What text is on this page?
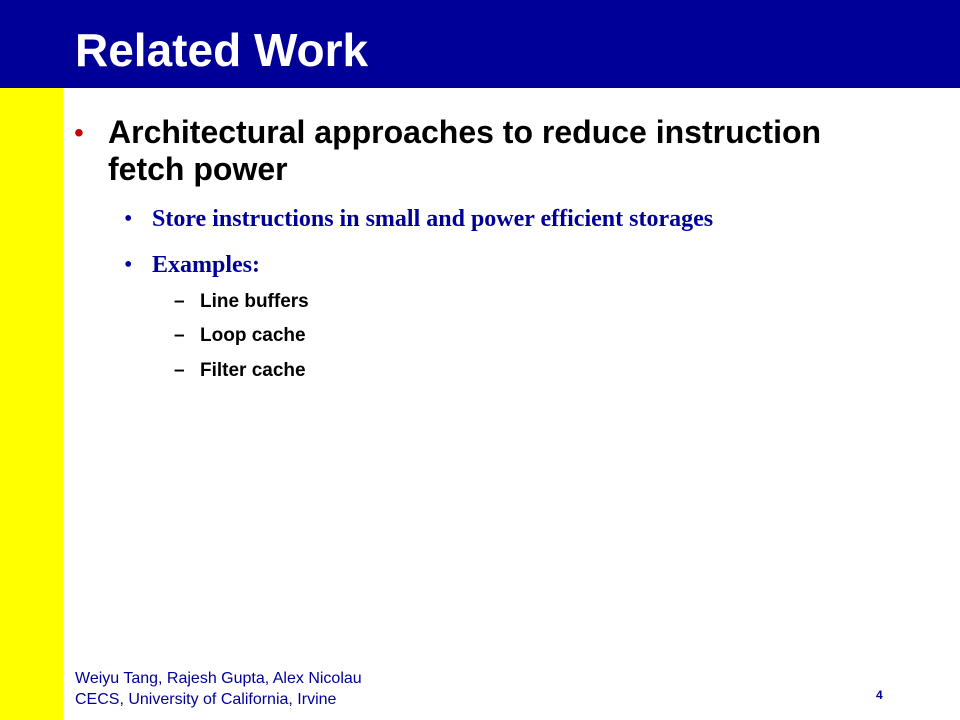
Related Work
• Architectural approaches to reduce instruction fetch power
• Store instructions in small and power efficient storages
• Examples:
– Line buffers
– Loop cache
– Filter cache
Weiyu Tang, Rajesh Gupta, Alex Nicolau
CECS, University of California, Irvine	4
